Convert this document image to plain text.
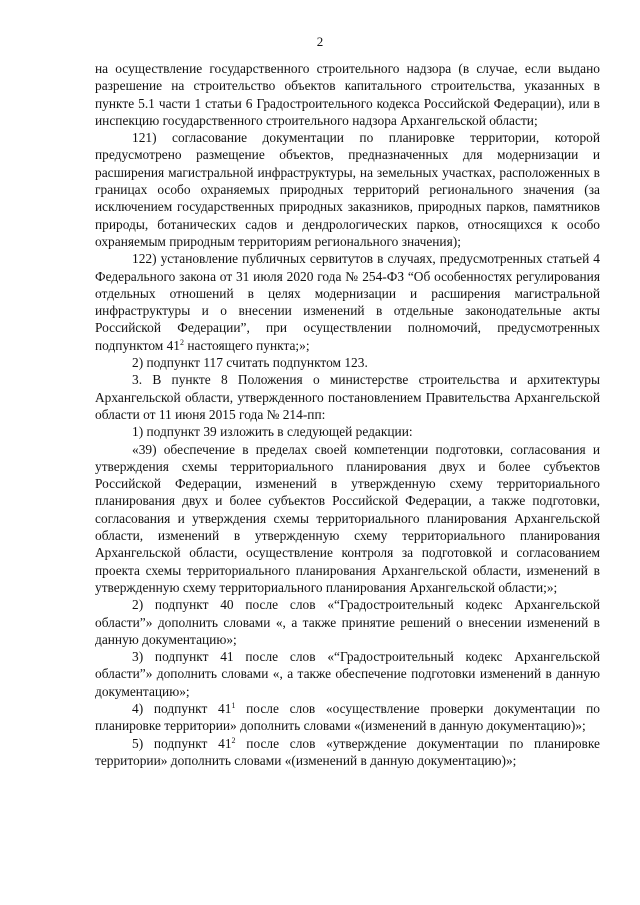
2

на осуществление государственного строительного надзора (в случае, если выдано разрешение на строительство объектов капитального строительства, указанных в пункте 5.1 части 1 статьи 6 Градостроительного кодекса Российской Федерации), или в инспекцию государственного строительного надзора Архангельской области;

121) согласование документации по планировке территории, которой предусмотрено размещение объектов, предназначенных для модернизации и расширения магистральной инфраструктуры, на земельных участках, расположенных в границах особо охраняемых природных территорий регионального значения (за исключением государственных природных заказников, природных парков, памятников природы, ботанических садов и дендрологических парков, относящихся к особо охраняемым природным территориям регионального значения);

122) установление публичных сервитутов в случаях, предусмотренных статьей 4 Федерального закона от 31 июля 2020 года № 254-ФЗ “Об особенностях регулирования отдельных отношений в целях модернизации и расширения магистральной инфраструктуры и о внесении изменений в отдельные законодательные акты Российской Федерации”, при осуществлении полномочий, предусмотренных подпунктом $41^2$ настоящего пункта;»;

2) подпункт 117 считать подпунктом 123.

3. В пункте 8 Положения о министерстве строительства и архитектуры Архангельской области, утвержденного постановлением Правительства Архангельской области от 11 июня 2015 года № 214-пп:

1) подпункт 39 изложить в следующей редакции:

«39) обеспечение в пределах своей компетенции подготовки, согласования и утверждения схемы территориального планирования двух и более субъектов Российской Федерации, изменений в утвержденную схему территориального планирования двух и более субъектов Российской Федерации, а также подготовки, согласования и утверждения схемы территориального планирования Архангельской области, изменений в утвержденную схему территориального планирования Архангельской области, осуществление контроля за подготовкой и согласованием проекта схемы территориального планирования Архангельской области, изменений в утвержденную схему территориального планирования Архангельской области;»;

2) подпункт 40 после слов «“Градостроительный кодекс Архангельской области”» дополнить словами «, а также принятие решений о внесении изменений в данную документацию»;

3) подпункт 41 после слов «“Градостроительный кодекс Архангельской области”» дополнить словами «, а также обеспечение подготовки изменений в данную документацию»;

4) подпункт $41^1$ после слов «осуществление проверки документации по планировке территории» дополнить словами «(изменений в данную документацию)»;

5) подпункт $41^2$ после слов «утверждение документации по планировке территории» дополнить словами «(изменений в данную документацию)»;
